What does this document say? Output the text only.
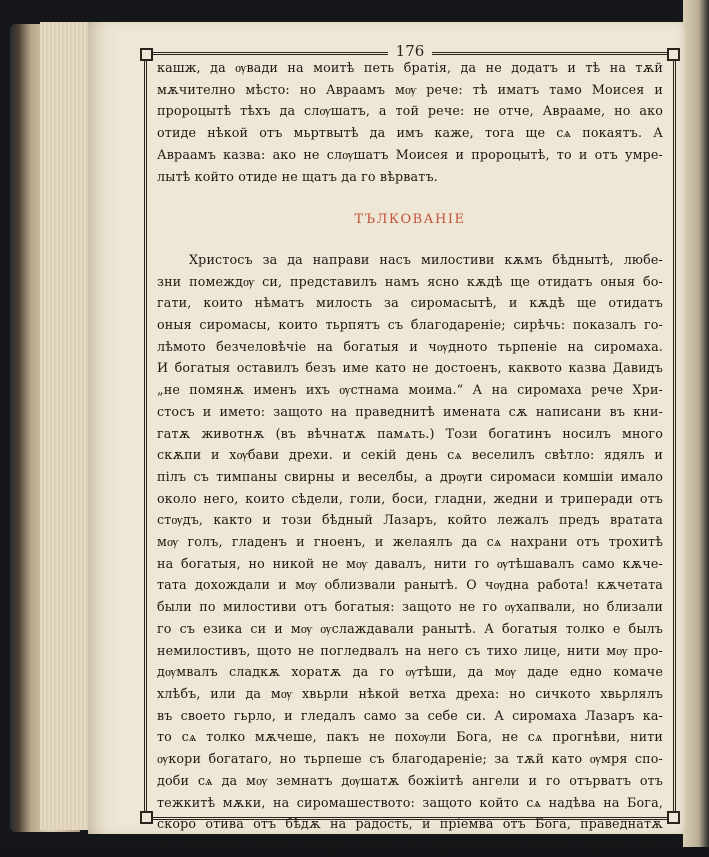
176
кашж, да ѹвади на моитѣ петь братія, да не додатъ и тѣ на тѫй
мѫчително мѣсто: но Авраамъ мѹ рече: тѣ иматъ тамо Моисея и
пророцытѣ тѣхъ да слѹшатъ, а той рече: не отче, Аврааме, но ако
отиде нѣкой отъ мьртвытѣ да имъ каже, тога ще сѧ покаятъ. А
Авраамъ казва: ако не слѹшатъ Моисея и пророцытѣ, то и отъ умре-
лытѣ който отиде не щатъ да го вѣрватъ.
ТЪЛКОВАНІЕ
Христосъ за да направи насъ милостиви кѫмъ бѣднытѣ, любе-
зни помеждѹ си, представилъ намъ ясно кѫдѣ ще отидатъ оныя бо-
гати, които нѣматъ милость за сиромасытѣ, и кѫдѣ ще отидатъ
оныя сиромасы, които тьрпятъ съ благодареніе; сирѣчь: показалъ го-
лѣмото безчеловѣчіе на богатыя и чѹдното тьрпеніе на сиромаха.
И богатыя оставилъ безъ име като не достоенъ, каквото казва Давидъ
„не помянѫ именъ ихъ ѹстнама моима.“ А на сиромаха рече Хри-
стосъ и името: защото на праведнитѣ имената сѫ написани въ кни-
гатѫ животнѫ (въ вѣчнатѫ памѧть.) Този богатинъ носилъ много
скѫпи и хѹбави дрехи. и секій день сѧ веселилъ свѣтло: ядялъ и
пілъ съ тимпаны свирны и веселбы, а дрѹги сиромаси комшіи имало
около него, които сѣдели, голи, боси, гладни, жедни и триперади отъ
стѹдъ, както и този бѣдный Лазаръ, който лежалъ предъ вратата
мѹ голъ, гладенъ и гноенъ, и желаялъ да сѧ нахрани отъ трохитѣ
на богатыя, но никой не мѹ давалъ, нити го ѹтѣшавалъ само кѫче-
тата дохождали и мѹ облизвали ранытѣ. О чѹдна работа! кѫчетата
были по милостиви отъ богатыя: защото не го ѹхапвали, но близали
го съ езика си и мѹ ѹслаждавали ранытѣ. А богатыя толко е былъ
немилостивъ, щото не погледвалъ на него съ тихо лице, нити мѹ про-
дѹмвалъ сладкѫ хоратѫ да го ѹтѣши, да мѹ даде едно комаче
хлѣбъ, или да мѹ хвьрли нѣкой ветха дреха: но сичкото хвьрлялъ
въ своето гьрло, и гледалъ само за себе си. А сиромаха Лазаръ ка-
то сѧ толко мѫчеше, пакъ не похѹли Бога, не сѧ прогнѣви, нити
ѹкори богатаго, но тьрпеше съ благодареніе; за тѫй като ѹмря спо-
доби сѧ да мѹ земнатъ дѹшатѫ божіитѣ ангели и го отърватъ отъ
тежкитѣ мѫки, на сиромашеството: защото който сѧ надѣва на Бога,
скоро отива отъ бѣдѫ на радость, и пріемва отъ Бога, праведнатѫ
си заплатѫ, както Лазаръ сѣдна въ авраамоватѫ пазва, заради сво-
